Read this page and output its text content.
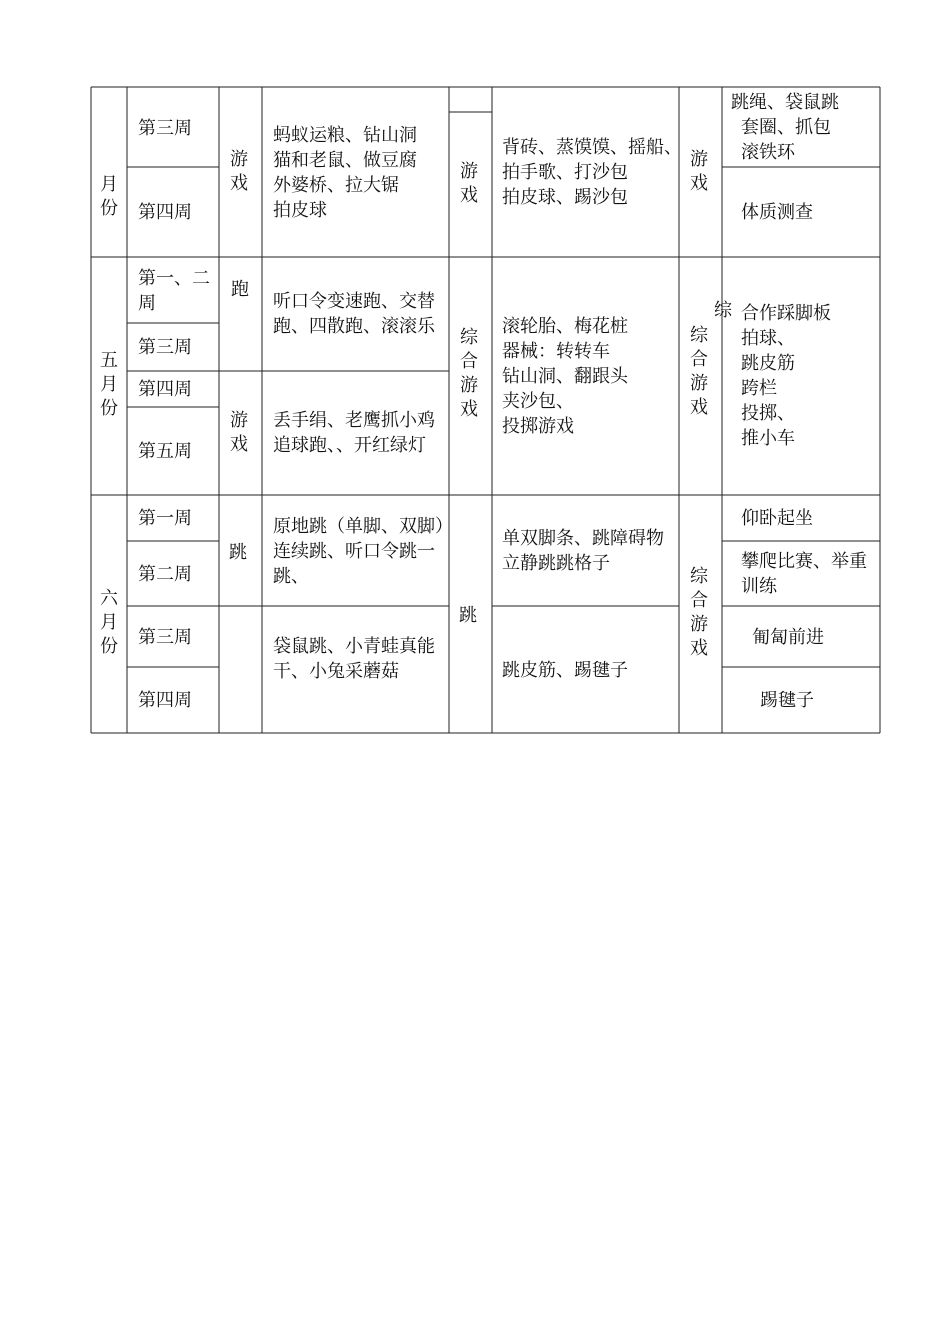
月
份
第三周
第四周
游
戏
蚂蚁运粮、钻山洞
猫和老鼠、做豆腐
外婆桥、拉大锯
拍皮球
游
戏
背砖、蒸馍馍、摇船、
拍手歌、打沙包
拍皮球、踢沙包
游
戏
跳绳、袋鼠跳
套圈、抓包
滚铁环
体质测查
五
月
份
第一、二
周
第三周
第四周
第五周
跑
听口令变速跑、交替
跑、四散跑、滚滚乐
游
戏
丢手绢、老鹰抓小鸡
追球跑、、开红绿灯
综
合
游
戏
滚轮胎、梅花桩
器械：转转车
钻山洞、翻跟头
夹沙包、
投掷游戏
综
合
游
戏
综 合作踩脚板
拍球、
跳皮筋
跨栏
投掷、
推小车
六
月
份
第一周
第二周
第三周
第四周
跳
原地跳（单脚、双脚）
连续跳、听口令跳一
跳、
袋鼠跳、小青蛙真能
干、小兔采蘑菇
跳
单双脚条、跳障碍物
立静跳跳格子
跳皮筋、踢毽子
综
合
游
戏
仰卧起坐
攀爬比赛、举重
训练
匍匐前进
踢毽子
